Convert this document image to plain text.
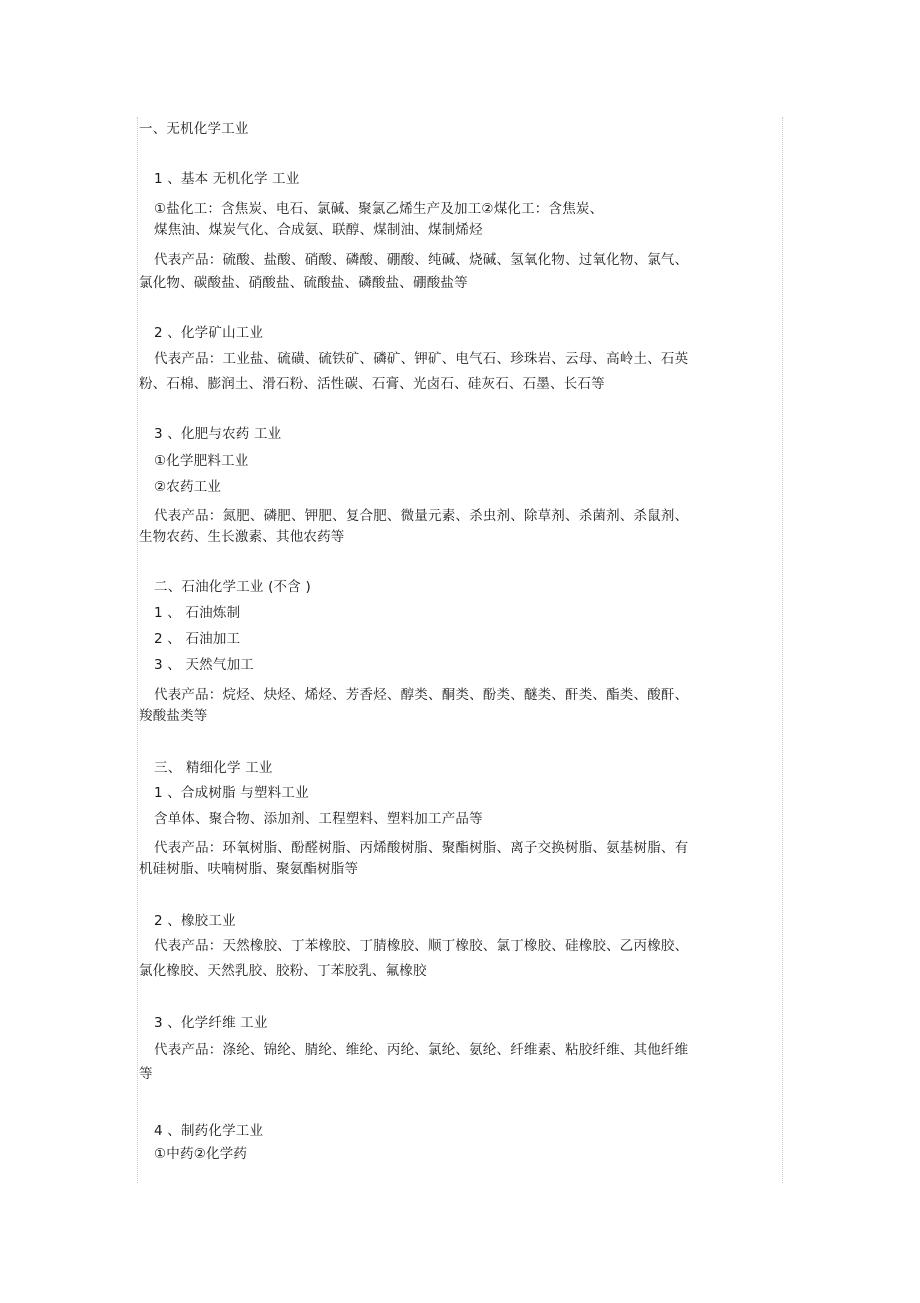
一、无机化学工业
1 、基本 无机化学 工业
①盐化工：含焦炭、电石、氯碱、聚氯乙烯生产及加工②煤化工：含焦炭、
煤焦油、煤炭气化、合成氨、联醇、煤制油、煤制烯烃
代表产品：硫酸、盐酸、硝酸、磷酸、硼酸、纯碱、烧碱、氢氧化物、过氧化物、氯气、
氯化物、碳酸盐、硝酸盐、硫酸盐、磷酸盐、硼酸盐等
2 、化学矿山工业
代表产品：工业盐、硫磺、硫铁矿、磷矿、钾矿、电气石、珍珠岩、云母、高岭土、石英
粉、石棉、膨润土、滑石粉、活性碳、石膏、光卤石、硅灰石、石墨、长石等
3 、化肥与农药 工业
①化学肥料工业
②农药工业
代表产品：氮肥、磷肥、钾肥、复合肥、微量元素、杀虫剂、除草剂、杀菌剂、杀鼠剂、
生物农药、生长激素、其他农药等
二、石油化学工业 (不含 )
1 、 石油炼制
2 、 石油加工
3 、 天然气加工
代表产品：烷烃、炔烃、烯烃、芳香烃、醇类、酮类、酚类、醚类、酐类、酯类、酸酐、
羧酸盐类等
三、 精细化学 工业
1 、合成树脂 与塑料工业
含单体、聚合物、添加剂、工程塑料、塑料加工产品等
代表产品：环氧树脂、酚醛树脂、丙烯酸树脂、聚酯树脂、离子交换树脂、氨基树脂、有
机硅树脂、呋喃树脂、聚氨酯树脂等
2 、橡胶工业
代表产品：天然橡胶、丁苯橡胶、丁腈橡胶、顺丁橡胶、氯丁橡胶、硅橡胶、乙丙橡胶、
氯化橡胶、天然乳胶、胶粉、丁苯胶乳、氟橡胶
3 、化学纤维 工业
代表产品：涤纶、锦纶、腈纶、维纶、丙纶、氯纶、氨纶、纤维素、粘胶纤维、其他纤维
等
4 、制药化学工业
①中药②化学药
